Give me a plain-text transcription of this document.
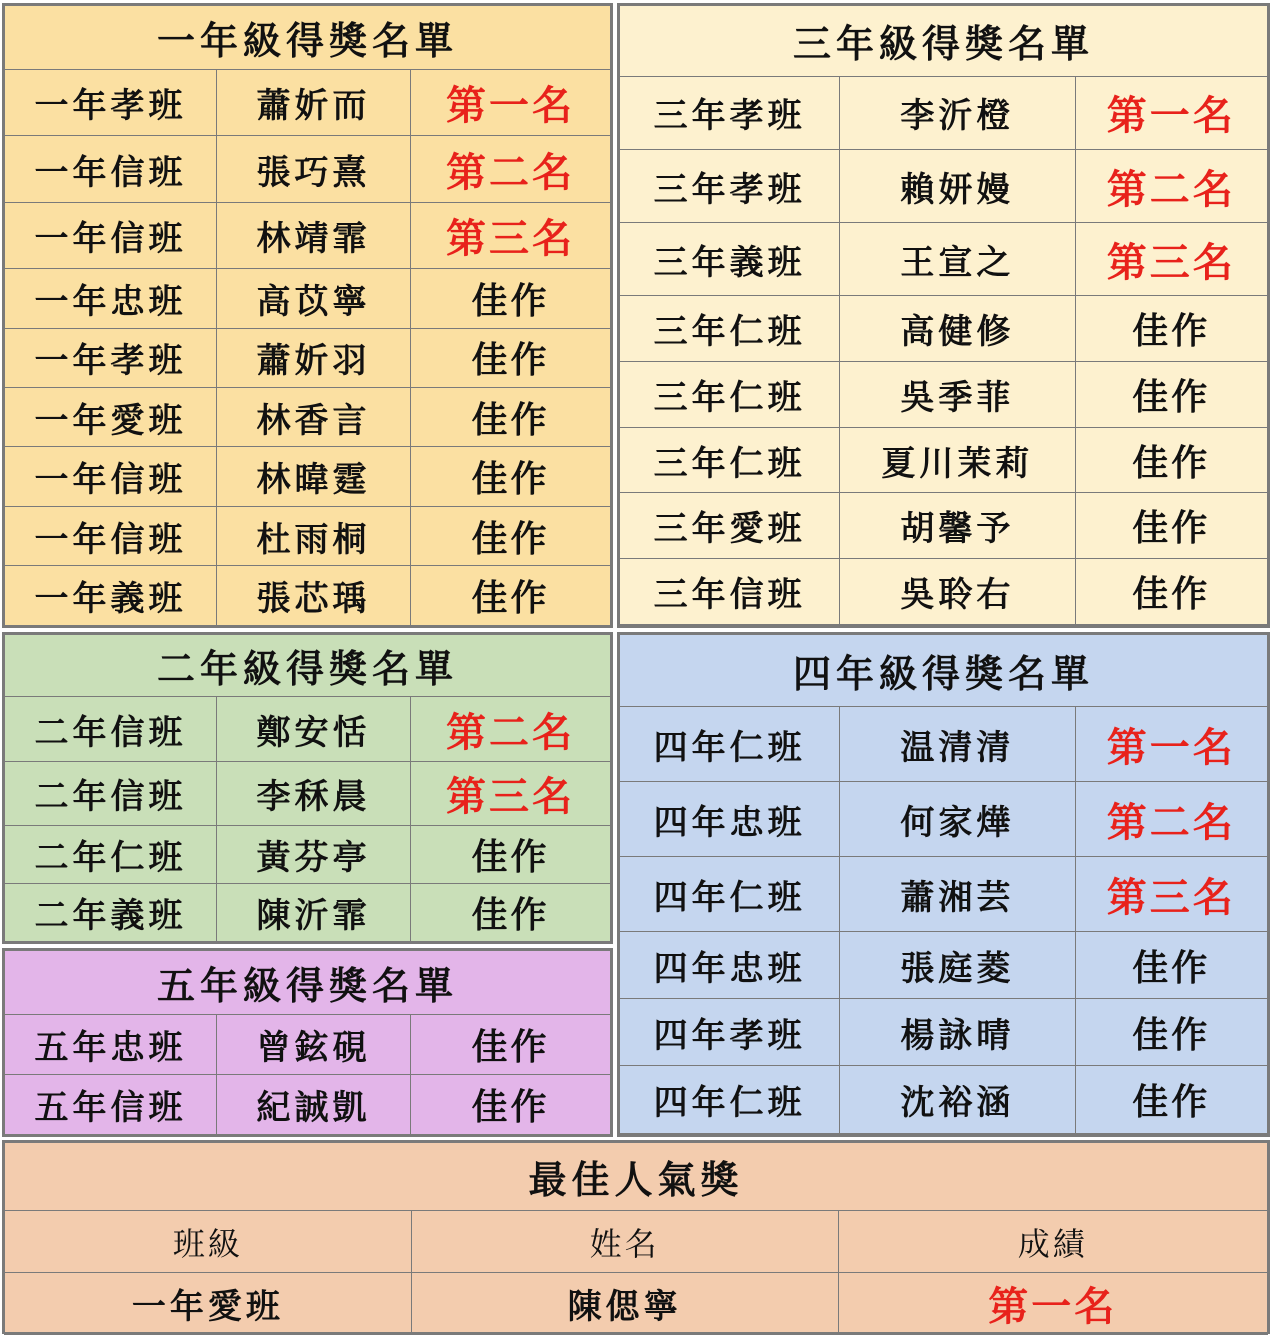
一年級得獎名單		
一年孝班	蕭妡而	第一名
一年信班	張巧熹	第二名
一年信班	林靖霏	第三名
一年忠班	高苡寧	佳作
一年孝班	蕭妡羽	佳作
一年愛班	林香言	佳作
一年信班	林暐霆	佳作
一年信班	杜雨桐	佳作
一年義班	張芯瑀	佳作
三年級得獎名單		
三年孝班	李沂橙	第一名
三年孝班	賴妍嫚	第二名
三年義班	王宣之	第三名
三年仁班	高健修	佳作
三年仁班	吳季菲	佳作
三年仁班	夏川茉莉	佳作
三年愛班	胡馨予	佳作
三年信班	吳聆右	佳作

二年級得獎名單		
二年信班	鄭安恬	第二名
二年信班	李秝晨	第三名
二年仁班	黃芬亭	佳作
二年義班	陳沂霏	佳作
四年級得獎名單		
四年仁班	温清清	第一名
四年忠班	何家燁	第二名
四年仁班	蕭湘芸	第三名
四年忠班	張庭菱	佳作
四年孝班	楊詠晴	佳作
四年仁班	沈裕涵	佳作

五年級得獎名單		
五年忠班	曾鉉硯	佳作
五年信班	紀誠凱	佳作
最佳人氣獎		
班級	姓名	成績
一年愛班	陳偲寧	第一名
